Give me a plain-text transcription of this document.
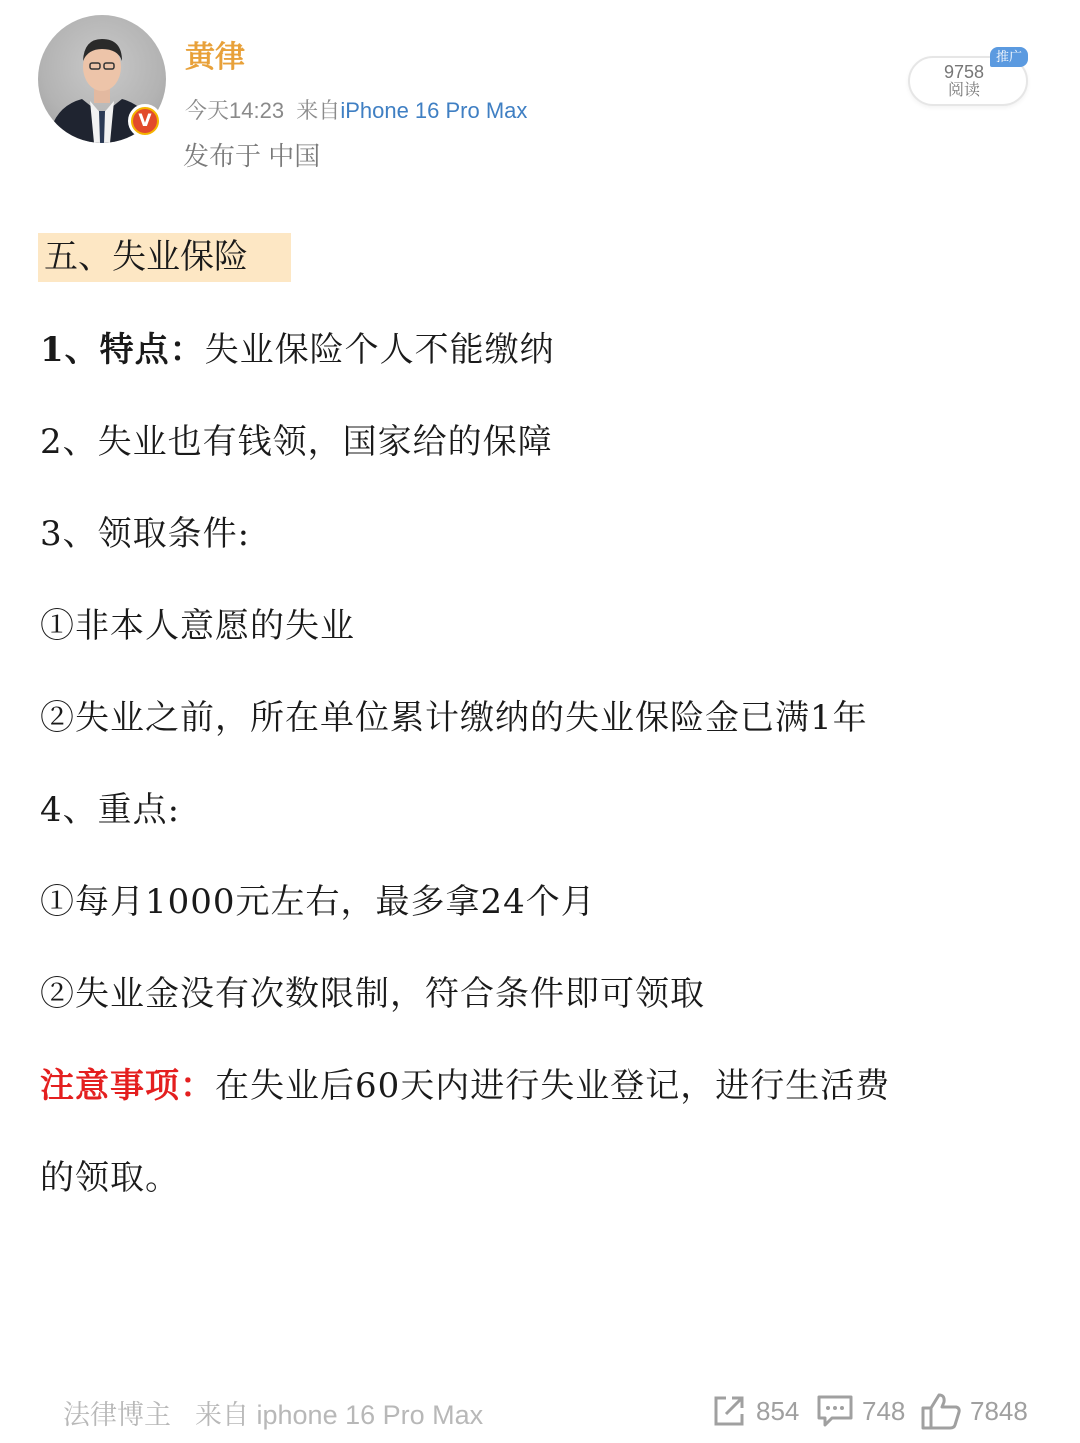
V
黄律
今天14:23 来自iPhone 16 Pro Max
发布于 中国
9758
阅读
推广
五、失业保险
1、特点：失业保险个人不能缴纳
2、失业也有钱领，国家给的保障
3、领取条件:
①非本人意愿的失业
②失业之前，所在单位累计缴纳的失业保险金已满1年
4、重点:
①每月1000元左右，最多拿24个月
②失业金没有次数限制，符合条件即可领取
注意事项：在失业后60天内进行失业登记，进行生活费
的领取。
法律博主 来自 iphone 16 Pro Max	854 748 7848
